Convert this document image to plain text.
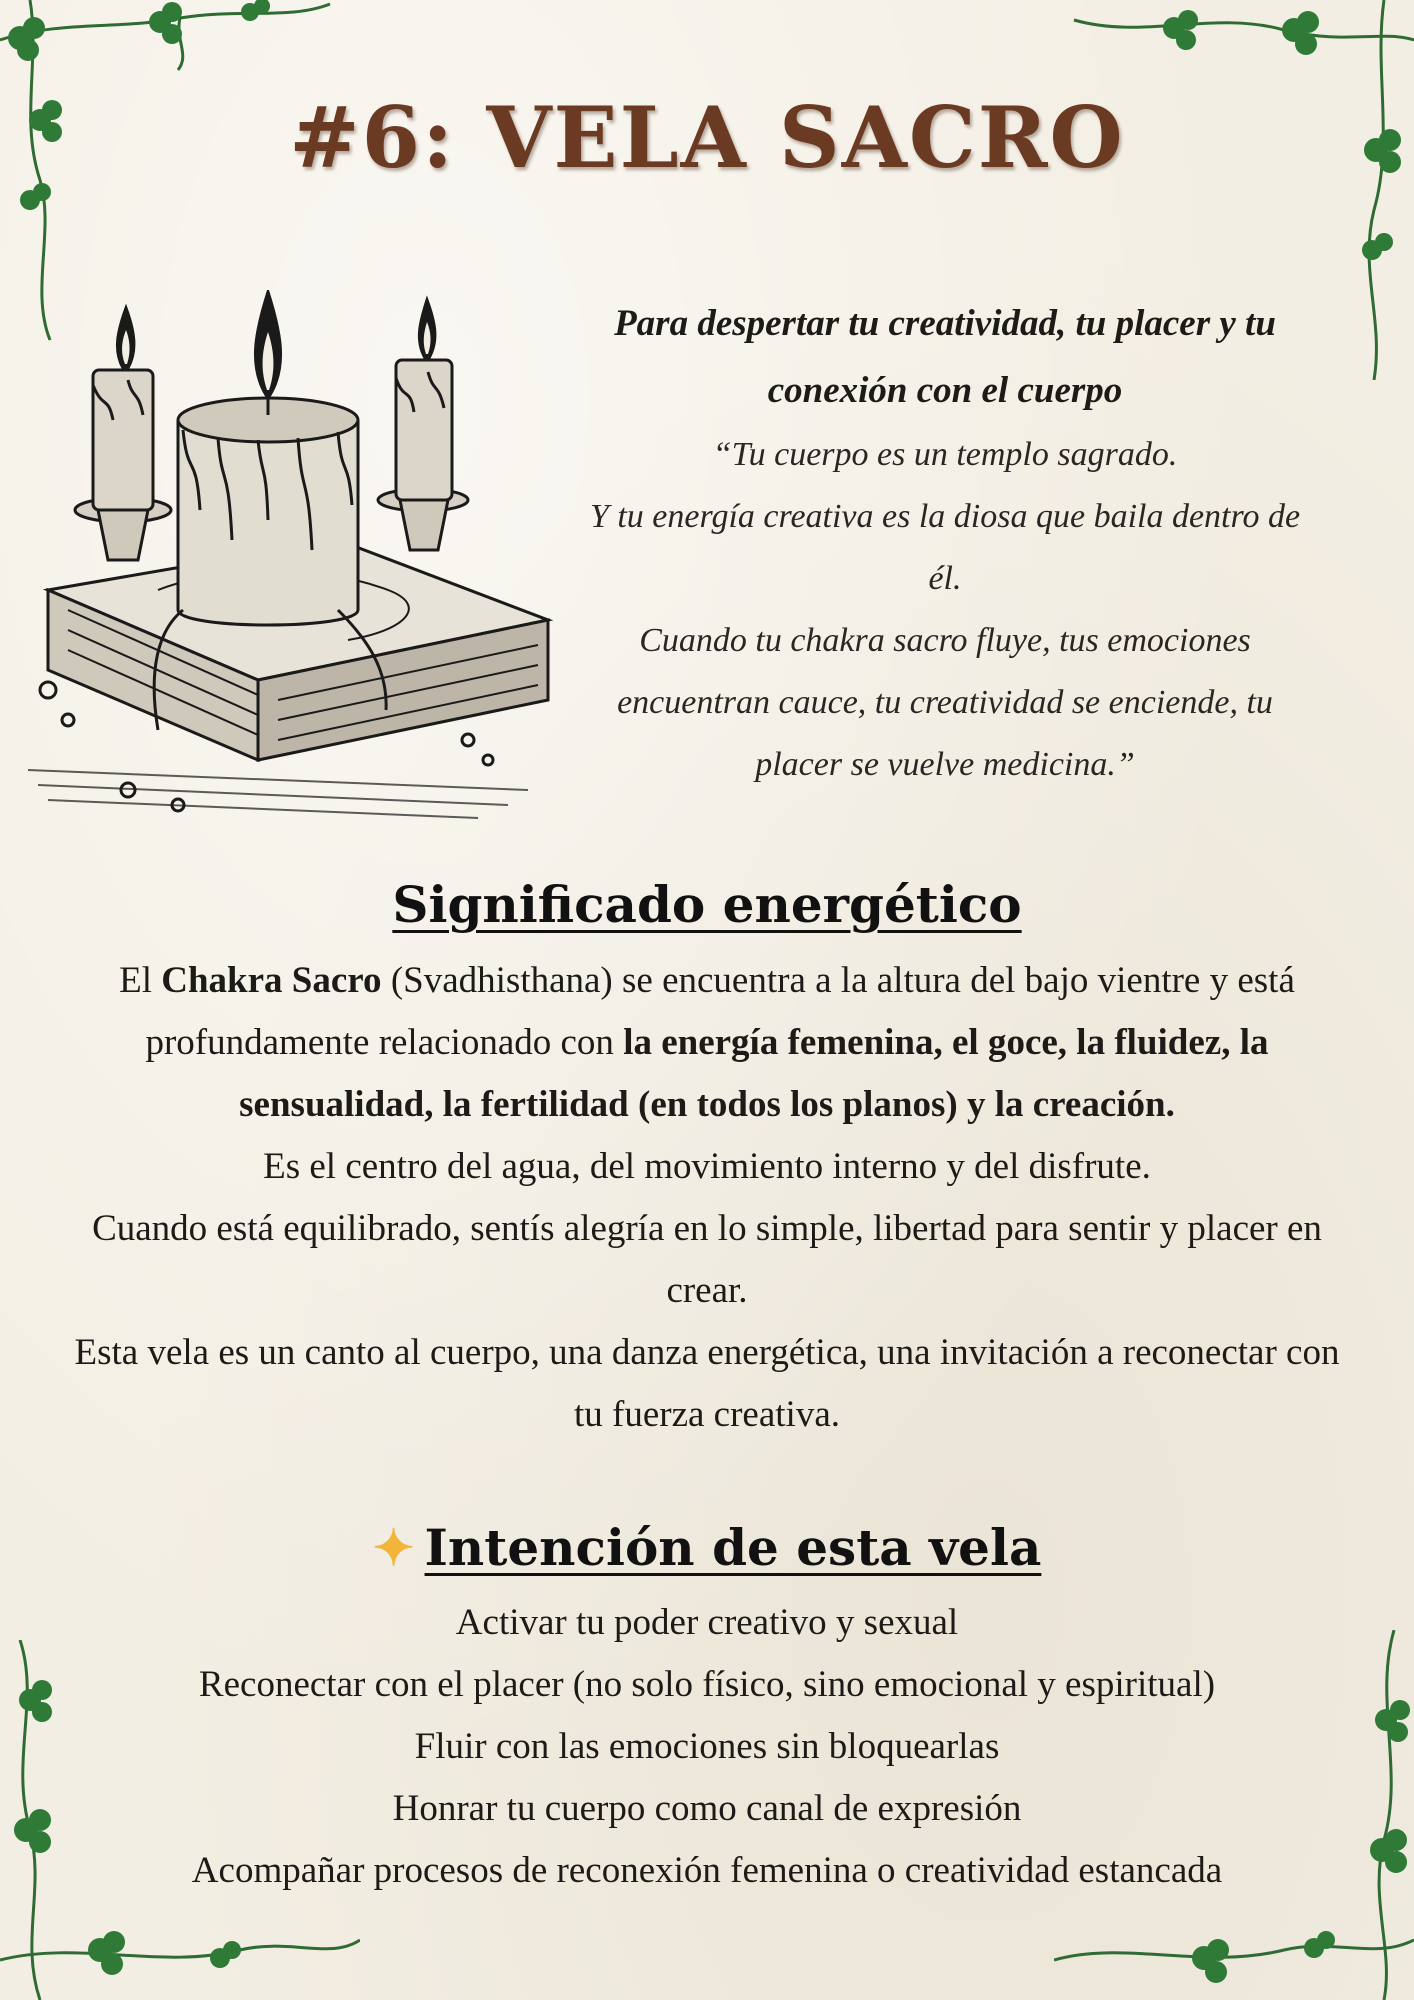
#6: VELA SACRO

Para despertar tu creatividad, tu placer y tu

conexión con el cuerpo

“Tu cuerpo es un templo sagrado.

Y tu energía creativa es la diosa que baila dentro de

él.

Cuando tu chakra sacro fluye, tus emociones

encuentran cauce, tu creatividad se enciende, tu

placer se vuelve medicina.”

Significado energético

El Chakra Sacro (Svadhisthana) se encuentra a la altura del bajo vientre y está profundamente relacionado con la energía femenina, el goce, la fluidez, la sensualidad, la fertilidad (en todos los planos) y la creación.

Es el centro del agua, del movimiento interno y del disfrute.

Cuando está equilibrado, sentís alegría en lo simple, libertad para sentir y placer en crear.

Esta vela es un canto al cuerpo, una danza energética, una invitación a reconectar con tu fuerza creativa.

✦ Intención de esta vela
Activar tu poder creativo y sexual
Reconectar con el placer (no solo físico, sino emocional y espiritual)
Fluir con las emociones sin bloquearlas
Honrar tu cuerpo como canal de expresión
Acompañar procesos de reconexión femenina o creatividad estancada
